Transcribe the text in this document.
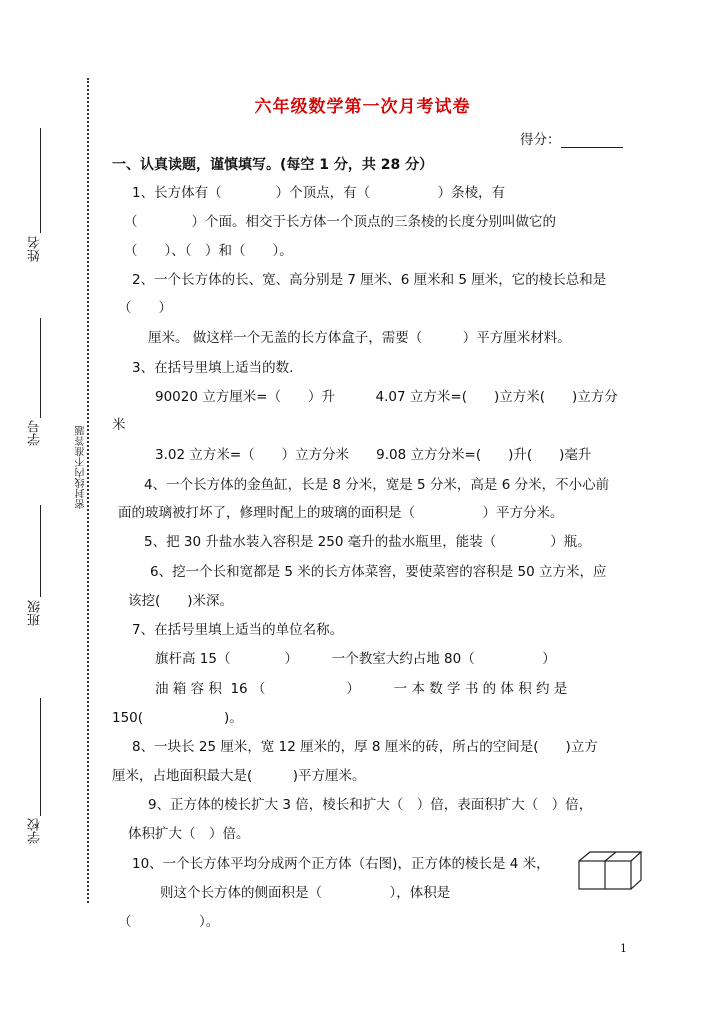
密封线内不准答题
姓名
学号
班级
学校
六年级数学第一次月考试卷
得分：
一、认真读题，谨慎填写。(每空 1 分，共 28 分）
1、长方体有（　　　　）个顶点，有（　　　　　）条棱，有
（　　　　）个面。相交于长方体一个顶点的三条棱的长度分别叫做它的
（　　）、（　）和（　　）。
2、一个长方体的长、宽、高分别是 7 厘米、6 厘米和 5 厘米，它的棱长总和是
（　　）
厘米。 做这样一个无盖的长方体盒子，需要（　　　）平方厘米材料。
3、在括号里填上适当的数.
90020 立方厘米=（　　）升　　　4.07 立方米=(　　)立方米(　　)立方分
米
3.02 立方米=（　　）立方分米　　9.08 立方分米=(　　)升(　　)毫升
4、一个长方体的金鱼缸，长是 8 分米，宽是 5 分米，高是 6 分米，不小心前
面的玻璃被打坏了，修理时配上的玻璃的面积是（　　　　　）平方分米。
5、把 30 升盐水装入容积是 250 毫升的盐水瓶里，能装（　　　　）瓶。
6、挖一个长和宽都是 5 米的长方体菜窖，要使菜窖的容积是 50 立方米，应
该挖(　　)米深。
7、在括号里填上适当的单位名称。
旗杆高 15（　　　　）　　　一个教室大约占地 80（　　　　　）
油 箱 容 积  16 （　　　　　　）　　　一 本 数 学 书 的 体 积 约 是
150(　　　　　　)。
8、一块长 25 厘米，宽 12 厘米的，厚 8 厘米的砖，所占的空间是(　　)立方
厘米，占地面积最大是(　　　)平方厘米。
9、正方体的棱长扩大 3 倍，棱长和扩大（　）倍，表面积扩大（　）倍，
体积扩大（　）倍。
10、一个长方体平均分成两个正方体（右图)，正方体的棱长是 4 米，
则这个长方体的侧面积是（　　　　　），体积是
（　　　　　）。
1
